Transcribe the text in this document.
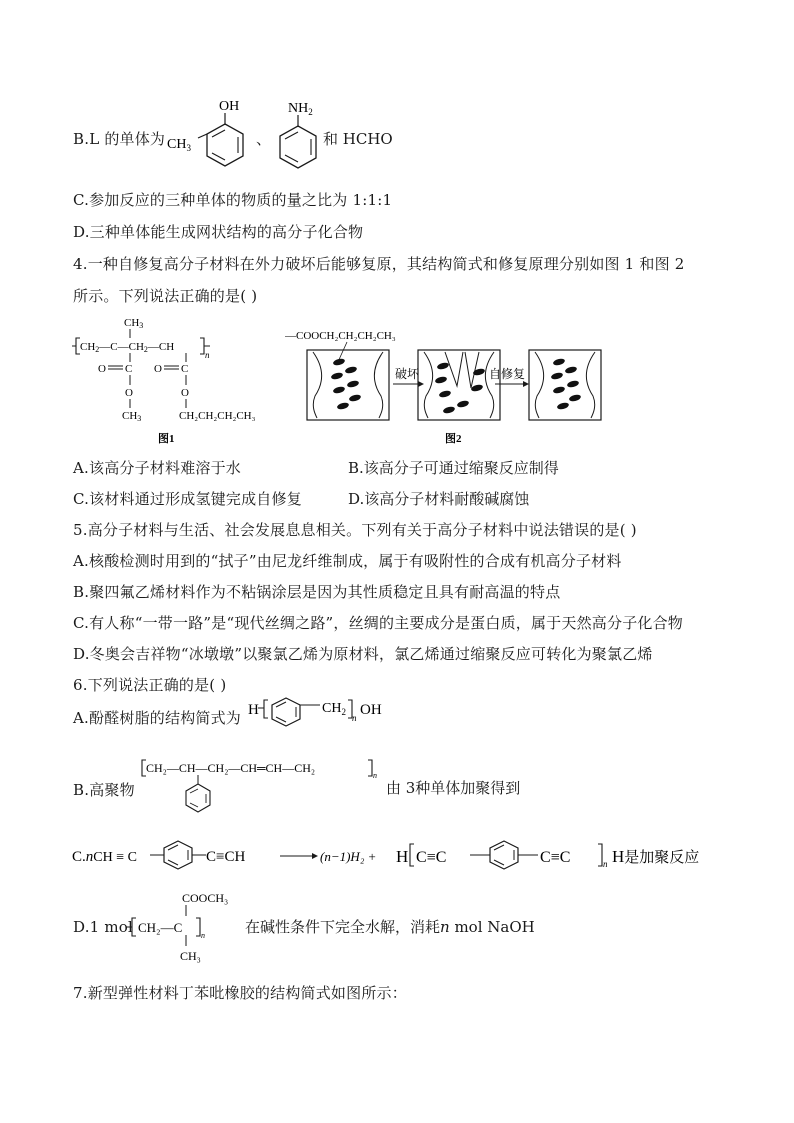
B.L 的单体为
OH
$CH_3$	、
$NH_2$
和 HCHO
C.参加反应的三种单体的物质的量之比为 1:1:1
D.三种单体能生成网状结构的高分子化合物
4.一种自修复高分子材料在外力破坏后能够复原，其结构简式和修复原理分别如图 1 和图 2
所示。下列说法正确的是( )
CH3
CH2—C—CH2—CH
n
O C
O
CH3
O C
O
CH₂CH₂CH₂CH₃
图1
—COOCH₂CH₂CH₂CH₃
破坏	自修复
图2
A.该高分子材料难溶于水	B.该高分子可通过缩聚反应制得
C.该材料通过形成氢键完成自修复	D.该高分子材料耐酸碱腐蚀
5.高分子材料与生活、社会发展息息相关。下列有关于高分子材料中说法错误的是( )
A.核酸检测时用到的“拭子”由尼龙纤维制成，属于有吸附性的合成有机高分子材料
B.聚四氟乙烯材料作为不粘锅涂层是因为其性质稳定且具有耐高温的特点
C.有人称“一带一路”是“现代丝绸之路”，丝绸的主要成分是蛋白质，属于天然高分子化合物
D.冬奥会吉祥物“冰墩墩”以聚氯乙烯为原材料，氯乙烯通过缩聚反应可转化为聚氯乙烯
6.下列说法正确的是( )
A.酚醛树脂的结构简式为 H	$CH_2$
n OH
B.高聚物
CH₂—CH—CH₂—CH═CH—CH₂
n
由 3种单体加聚得到
C.nCH ≡ C	C≡CH	(n−1)H₂ + H C≡C	C≡C	n H是加聚反应
D.1 mol
COOCH₃
CH₂—C
n
CH₃
在碱性条件下完全水解，消耗n mol NaOH
7.新型弹性材料丁苯吡橡胶的结构简式如图所示：
